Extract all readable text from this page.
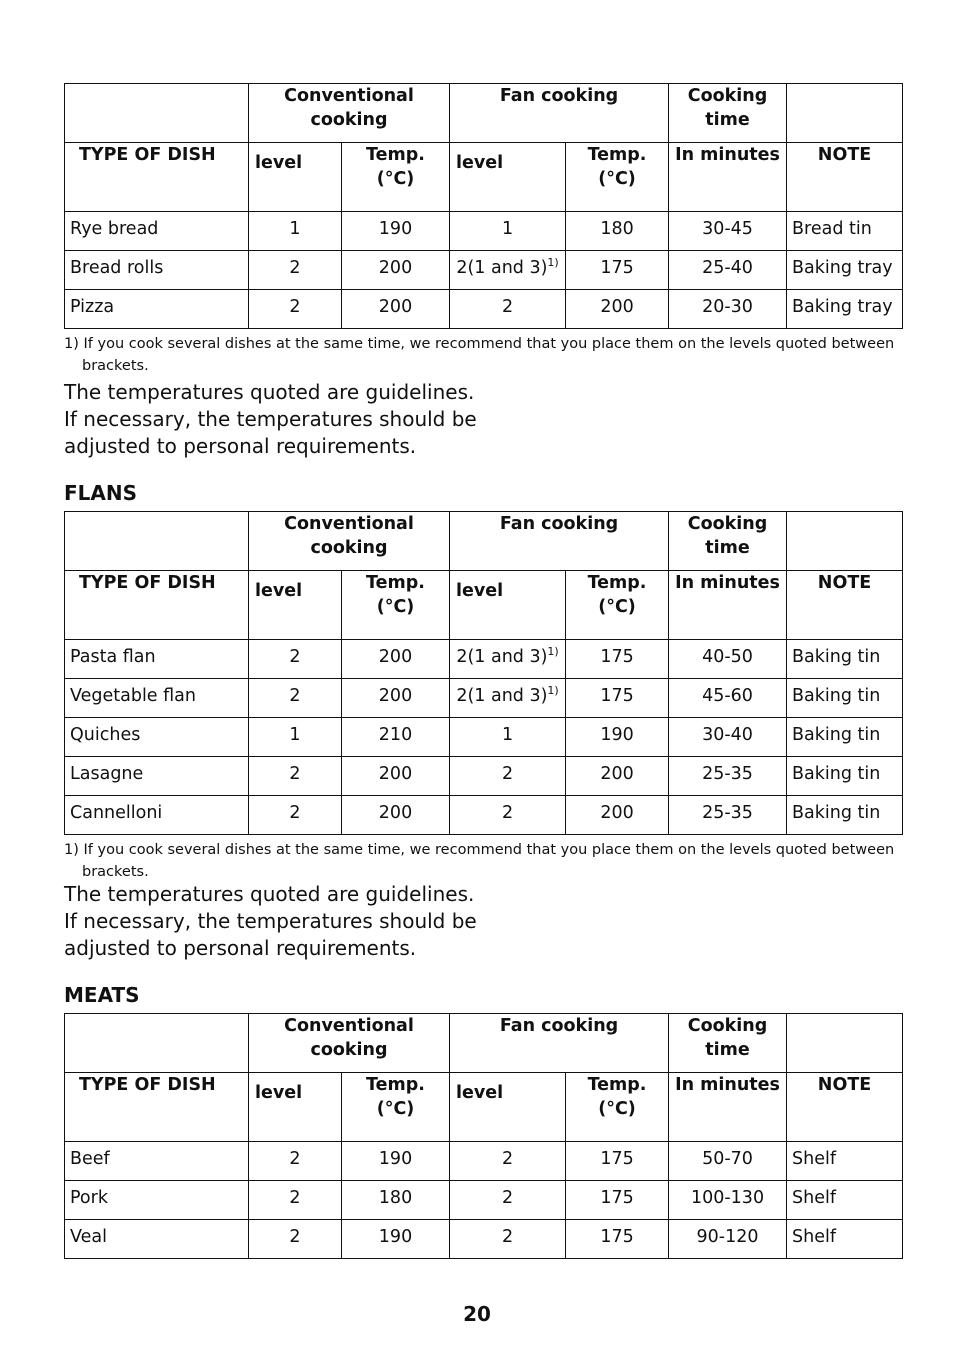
	Conventional cooking		Fan cooking		Cooking time	
TYPE OF DISH	level	Temp. (°C)	level	Temp. (°C)	In minutes	NOTE
Rye bread	1	190	1	180	30-45	Bread tin
Bread rolls	2	200	2(1 and 3)$^{1)}$	175	25-40	Baking tray
Pizza	2	200	2	200	20-30	Baking tray
1) If you cook several dishes at the same time, we recommend that you place them on the levels quoted between
brackets.
The temperatures quoted are guidelines. If necessary, the temperatures should be adjusted to personal requirements.
FLANS
	Conventional cooking		Fan cooking		Cooking time	
TYPE OF DISH	level	Temp. (°C)	level	Temp. (°C)	In minutes	NOTE
Pasta flan	2	200	2(1 and 3)$^{1)}$	175	40-50	Baking tin
Vegetable flan	2	200	2(1 and 3)$^{1)}$	175	45-60	Baking tin
Quiches	1	210	1	190	30-40	Baking tin
Lasagne	2	200	2	200	25-35	Baking tin
Cannelloni	2	200	2	200	25-35	Baking tin
1) If you cook several dishes at the same time, we recommend that you place them on the levels quoted between
brackets.
The temperatures quoted are guidelines. If necessary, the temperatures should be adjusted to personal requirements.
MEATS
	Conventional cooking		Fan cooking		Cooking time	
TYPE OF DISH	level	Temp. (°C)	level	Temp. (°C)	In minutes	NOTE
Beef	2	190	2	175	50-70	Shelf
Pork	2	180	2	175	100-130	Shelf
Veal	2	190	2	175	90-120	Shelf
20
